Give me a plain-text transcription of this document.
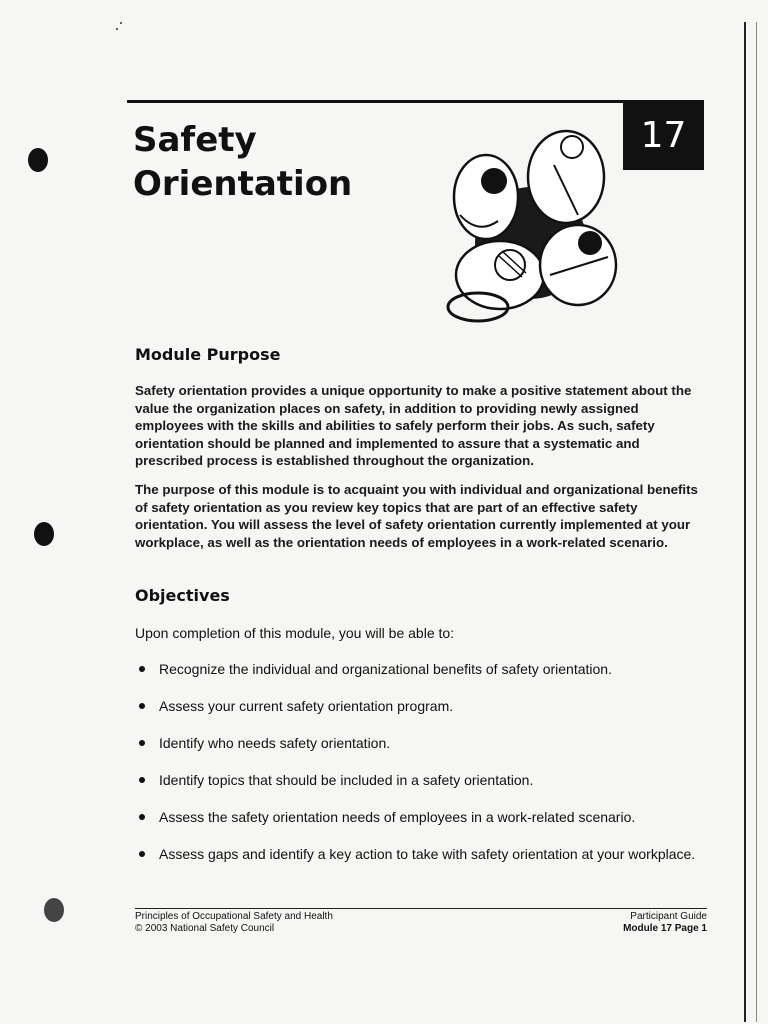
17
Safety
Orientation
Module Purpose

Safety orientation provides a unique opportunity to make a positive statement about the value the organization places on safety, in addition to providing newly assigned employees with the skills and abilities to safely perform their jobs. As such, safety orientation should be planned and implemented to assure that a systematic and prescribed process is established throughout the organization.

The purpose of this module is to acquaint you with individual and organizational benefits of safety orientation as you review key topics that are part of an effective safety orientation. You will assess the level of safety orientation currently implemented at your workplace, as well as the orientation needs of employees in a work-related scenario.

Objectives

Upon completion of this module, you will be able to:

Recognize the individual and organizational benefits of safety orientation.
Assess your current safety orientation program.
Identify who needs safety orientation.
Identify topics that should be included in a safety orientation.
Assess the safety orientation needs of employees in a work-related scenario.
Assess gaps and identify a key action to take with safety orientation at your workplace.

Principles of Occupational Safety and Health
© 2003 National Safety Council

Participant Guide
Module 17 Page 1
